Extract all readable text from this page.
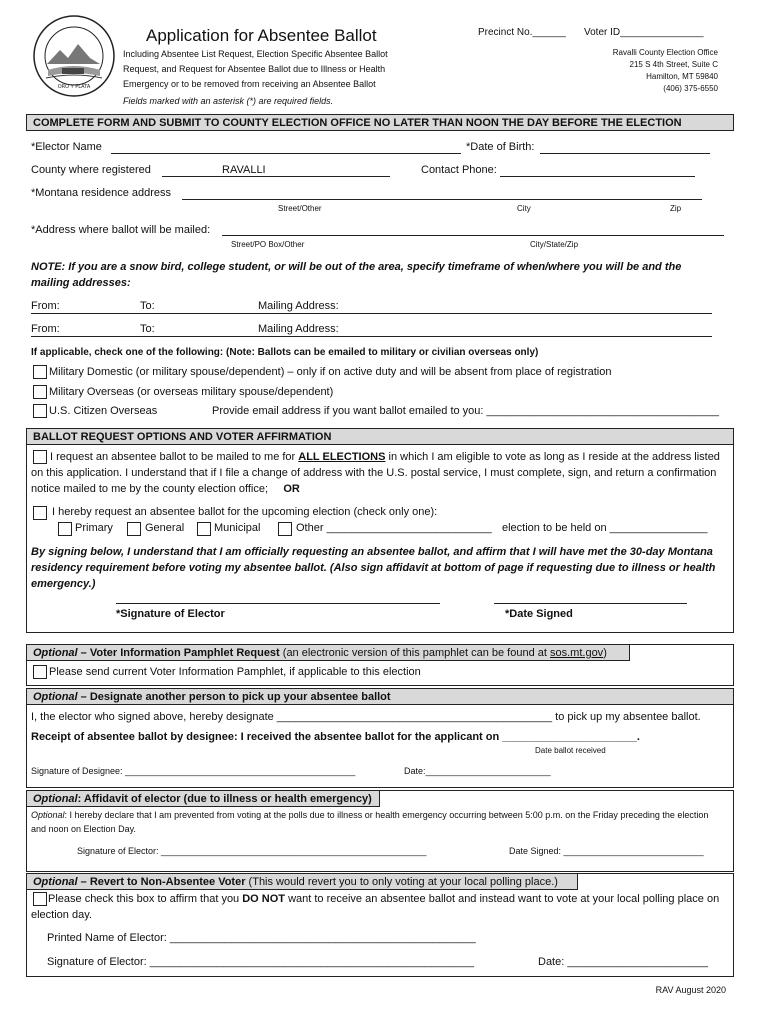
ORO Y PLATA
Application for Absentee Ballot
Including Absentee List Request, Election Specific Absentee Ballot
Request, and Request for Absentee Ballot due to Illness or Health
Emergency or to be removed from receiving an Absentee Ballot
Fields marked with an asterisk (*) are required fields.
Precinct No.______ Voter ID_______________
Ravalli County Election Office
215 S 4th Street, Suite C
Hamilton, MT 59840
(406) 375-6550
COMPLETE FORM AND SUBMIT TO COUNTY ELECTION OFFICE NO LATER THAN NOON THE DAY BEFORE THE ELECTION
*Elector Name	*Date of Birth:
County where registered	RAVALLI	Contact Phone:
*Montana residence address
Street/Other	City	Zip
*Address where ballot will be mailed:
Street/PO Box/Other	City/State/Zip
NOTE: If you are a snow bird, college student, or will be out of the area, specify timeframe of when/where you will be and the mailing addresses:
From:	To:	Mailing Address:
From:	To:	Mailing Address:
If applicable, check one of the following: (Note: Ballots can be emailed to military or civilian overseas only)
Military Domestic (or military spouse/dependent) – only if on active duty and will be absent from place of registration
Military Overseas (or overseas military spouse/dependent)
U.S. Citizen Overseas	Provide email address if you want ballot emailed to you: ______________________________________
BALLOT REQUEST OPTIONS AND VOTER AFFIRMATION
I request an absentee ballot to be mailed to me for ALL ELECTIONS in which I am eligible to vote as long as I reside at the address listed on this application. I understand that if I file a change of address with the U.S. postal service, I must complete, sign, and return a confirmation notice mailed to me by the county election office; OR
I hereby request an absentee ballot for the upcoming election (check only one):
Primary	General	Municipal	Other ___________________________ election to be held on ________________
By signing below, I understand that I am officially requesting an absentee ballot, and affirm that I will have met the 30-day Montana residency requirement before voting my absentee ballot. (Also sign affidavit at bottom of page if requesting due to illness or health emergency.)
*Signature of Elector	*Date Signed
Optional – Voter Information Pamphlet Request (an electronic version of this pamphlet can be found at sos.mt.gov)
Please send current Voter Information Pamphlet, if applicable to this election
Optional – Designate another person to pick up your absentee ballot
I, the elector who signed above, hereby designate _____________________________________________ to pick up my absentee ballot.
Receipt of absentee ballot by designee: I received the absentee ballot for the applicant on ______________________.
Date ballot received
Signature of Designee: ______________________________________________	Date:_________________________
Optional: Affidavit of elector (due to illness or health emergency)
Optional: I hereby declare that I am prevented from voting at the polls due to illness or health emergency occurring between 5:00 p.m. on the Friday preceding the election and noon on Election Day.
Signature of Elector: _____________________________________________________	Date Signed: ____________________________
Optional – Revert to Non-Absentee Voter (This would revert you to only voting at your local polling place.)
Please check this box to affirm that you DO NOT want to receive an absentee ballot and instead want to vote at your local polling place on election day.
Printed Name of Elector: __________________________________________________
Signature of Elector: _____________________________________________________	Date: _______________________
RAV August 2020
